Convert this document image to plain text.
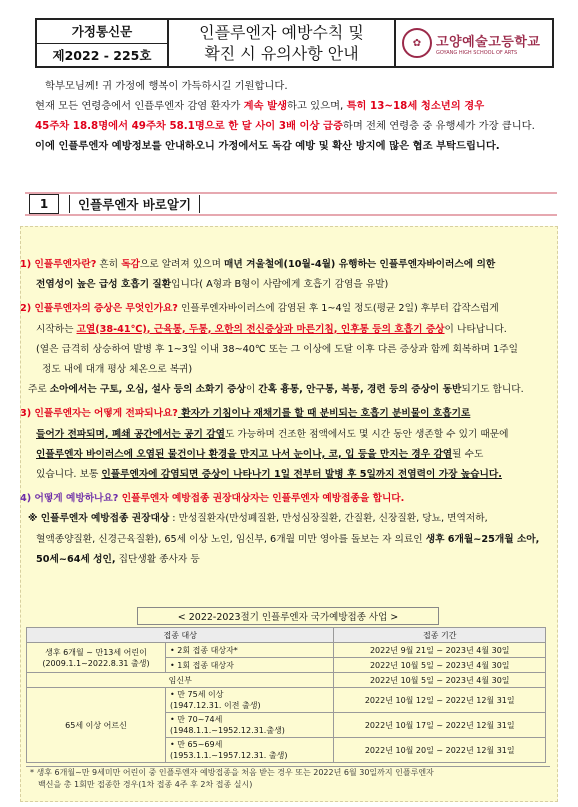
가정통신문
제2022 - 225호
인플루엔자 예방수칙 및
확진 시 유의사항 안내
✿	고양예술고등학교
GOYANG HIGH SCHOOL OF ARTS

학부모님께! 귀 가정에 행복이 가득하시길 기원합니다.

현재 모든 연령층에서 인플루엔자 감염 환자가 계속 발생하고 있으며, 특히 13~18세 청소년의 경우

45주차 18.8명에서 49주차 58.1명으로 한 달 사이 3배 이상 급증하며 전체 연령층 중 유행세가 가장 큽니다.

이에 인플루엔자 예방정보를 안내하오니 가정에서도 독감 예방 및 확산 방지에 많은 협조 부탁드립니다.

1	인플루엔자 바로알기

1) 인플루엔자란? 흔히 독감으로 알려져 있으며 매년 겨울철에(10월-4월) 유행하는 인플루엔자바이러스에 의한

전염성이 높은 급성 호흡기 질환입니다( A형과 B형이 사람에게 호흡기 감염을 유발)

2) 인플루엔자의 증상은 무엇인가요? 인플루엔자바이러스에 감염된 후 1~4일 정도(평균 2일) 후부터 갑작스럽게

시작하는 고열(38-41℃), 근육통, 두통, 오한의 전신증상과 마른기침, 인후통 등의 호흡기 증상이 나타납니다.

(열은 급격히 상승하여 발병 후 1~3일 이내 38~40℃ 또는 그 이상에 도달 이후 다른 증상과 함께 회복하며 1주일

정도 내에 대개 평상 체온으로 복귀)

주로 소아에서는 구토, 오심, 설사 등의 소화기 증상이 간혹 흉통, 안구통, 복통, 경련 등의 증상이 동반되기도 합니다.

3) 인플루엔자는 어떻게 전파되나요? 환자가 기침이나 재채기를 할 때 분비되는 호흡기 분비물이 호흡기로

들어가 전파되며, 폐쇄 공간에서는 공기 감염도 가능하며 건조한 점액에서도 몇 시간 동안 생존할 수 있기 때문에

인플루엔자 바이러스에 오염된 물건이나 환경을 만지고 나서 눈이나, 코, 입 등을 만지는 경우 감염될 수도

있습니다. 보통 인플루엔자에 감염되면 증상이 나타나기 1일 전부터 발병 후 5일까지 전염력이 가장 높습니다.

4) 어떻게 예방하나요? 인플루엔자 예방접종 권장대상자는 인플루엔자 예방접종을 합니다.

※ 인플루엔자 예방접종 권장대상 : 만성질환자(만성폐질환, 만성심장질환, 간질환, 신장질환, 당뇨, 면역저하,

혈액종양질환, 신경근육질환), 65세 이상 노인, 임신부, 6개월 미만 영아를 돌보는 자 의료인 생후 6개월~25개월 소아,

50세~64세 성인, 집단생활 종사자 등

< 2022-2023절기 인플루엔자 국가예방접종 사업 >
접종 대상		접종 기간
생후 6개월 ~ 만13세 어린이
(2009.1.1~2022.8.31 출생)	• 2회 접종 대상자*	2022년 9월 21일 ~ 2023년 4월 30일
	• 1회 접종 대상자	2022년 10월 5일 ~ 2023년 4월 30일
임신부		2022년 10월 5일 ~ 2023년 4월 30일
65세 이상 어르신	• 만 75세 이상
(1947.12.31. 이전 출생)	2022년 10월 12일 ~ 2022년 12월 31일
	• 만 70~74세
(1948.1.1.~1952.12.31.출생)	2022년 10월 17일 ~ 2022년 12월 31일
	• 만 65~69세
(1953.1.1.~1957.12.31. 출생)	2022년 10월 20일 ~ 2022년 12월 31일
* 생후 6개월~만 9세미만 어린이 중 인플루엔자 예방접종을 처음 받는 경우 또는 2022년 6월 30일까지 인플루엔자
백신을 총 1회만 접종한 경우(1차 접종 4주 후 2차 접종 실시)
